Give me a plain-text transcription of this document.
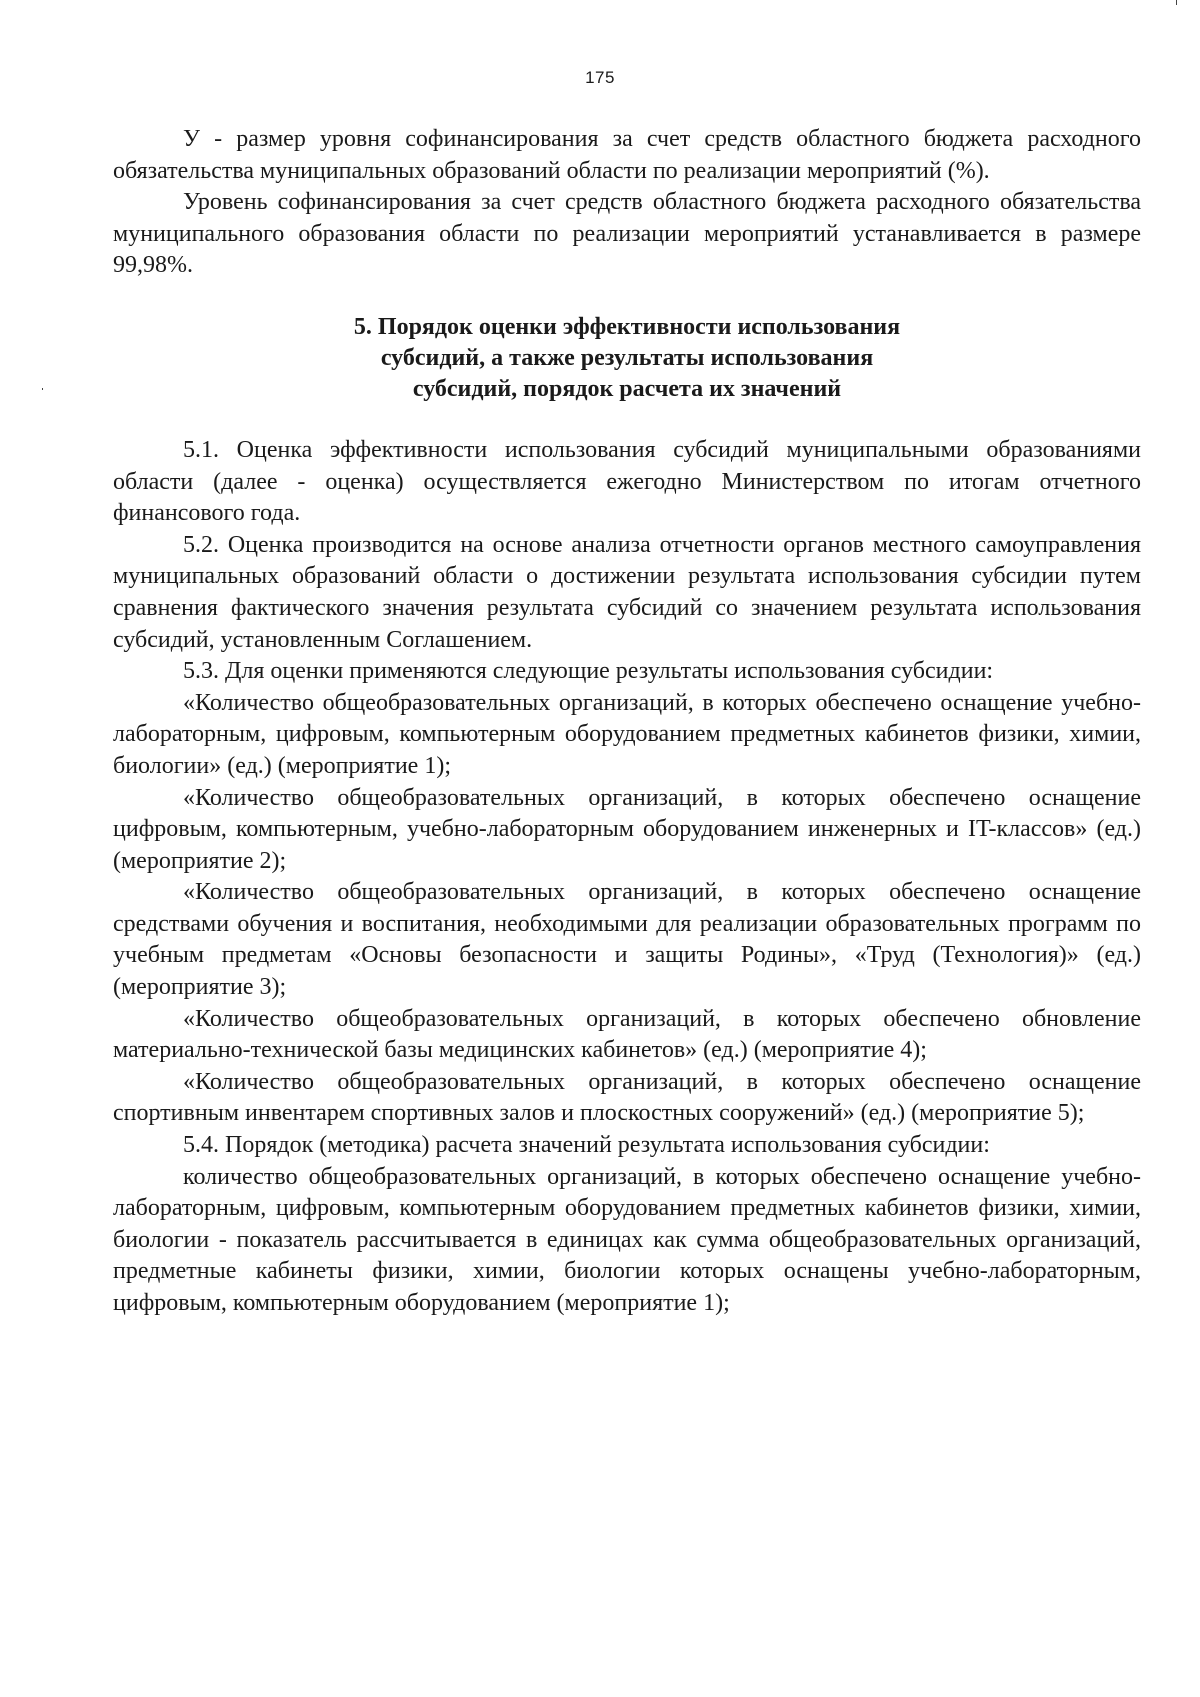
175

У - размер уровня софинансирования за счет средств областного бюджета расходного обязательства муниципальных образований области по реализации мероприятий (%).

Уровень софинансирования за счет средств областного бюджета расходного обязательства муниципального образования области по реализации мероприятий устанавливается в размере 99,98%.

5. Порядок оценки эффективности использования
субсидий, а также результаты использования
субсидий, порядок расчета их значений

5.1. Оценка эффективности использования субсидий муниципальными образованиями области (далее - оценка) осуществляется ежегодно Министерством по итогам отчетного финансового года.

5.2. Оценка производится на основе анализа отчетности органов местного самоуправления муниципальных образований области о достижении результата использования субсидии путем сравнения фактического значения результата субсидий со значением результата использования субсидий, установленным Соглашением.

5.3. Для оценки применяются следующие результаты использования субсидии:

«Количество общеобразовательных организаций, в которых обеспечено оснащение учебно-лабораторным, цифровым, компьютерным оборудованием предметных кабинетов физики, химии, биологии» (ед.) (мероприятие 1);

«Количество общеобразовательных организаций, в которых обеспечено оснащение цифровым, компьютерным, учебно-лабораторным оборудованием инженерных и IT-классов» (ед.) (мероприятие 2);

«Количество общеобразовательных организаций, в которых обеспечено оснащение средствами обучения и воспитания, необходимыми для реализации образовательных программ по учебным предметам «Основы безопасности и защиты Родины», «Труд (Технология)» (ед.) (мероприятие 3);

«Количество общеобразовательных организаций, в которых обеспечено обновление материально-технической базы медицинских кабинетов» (ед.) (мероприятие 4);

«Количество общеобразовательных организаций, в которых обеспечено оснащение спортивным инвентарем спортивных залов и плоскостных сооружений» (ед.) (мероприятие 5);

5.4. Порядок (методика) расчета значений результата использования субсидии:

количество общеобразовательных организаций, в которых обеспечено оснащение учебно-лабораторным, цифровым, компьютерным оборудованием предметных кабинетов физики, химии, биологии - показатель рассчитывается в единицах как сумма общеобразовательных организаций, предметные кабинеты физики, химии, биологии которых оснащены учебно-лабораторным, цифровым, компьютерным оборудованием (мероприятие 1);
